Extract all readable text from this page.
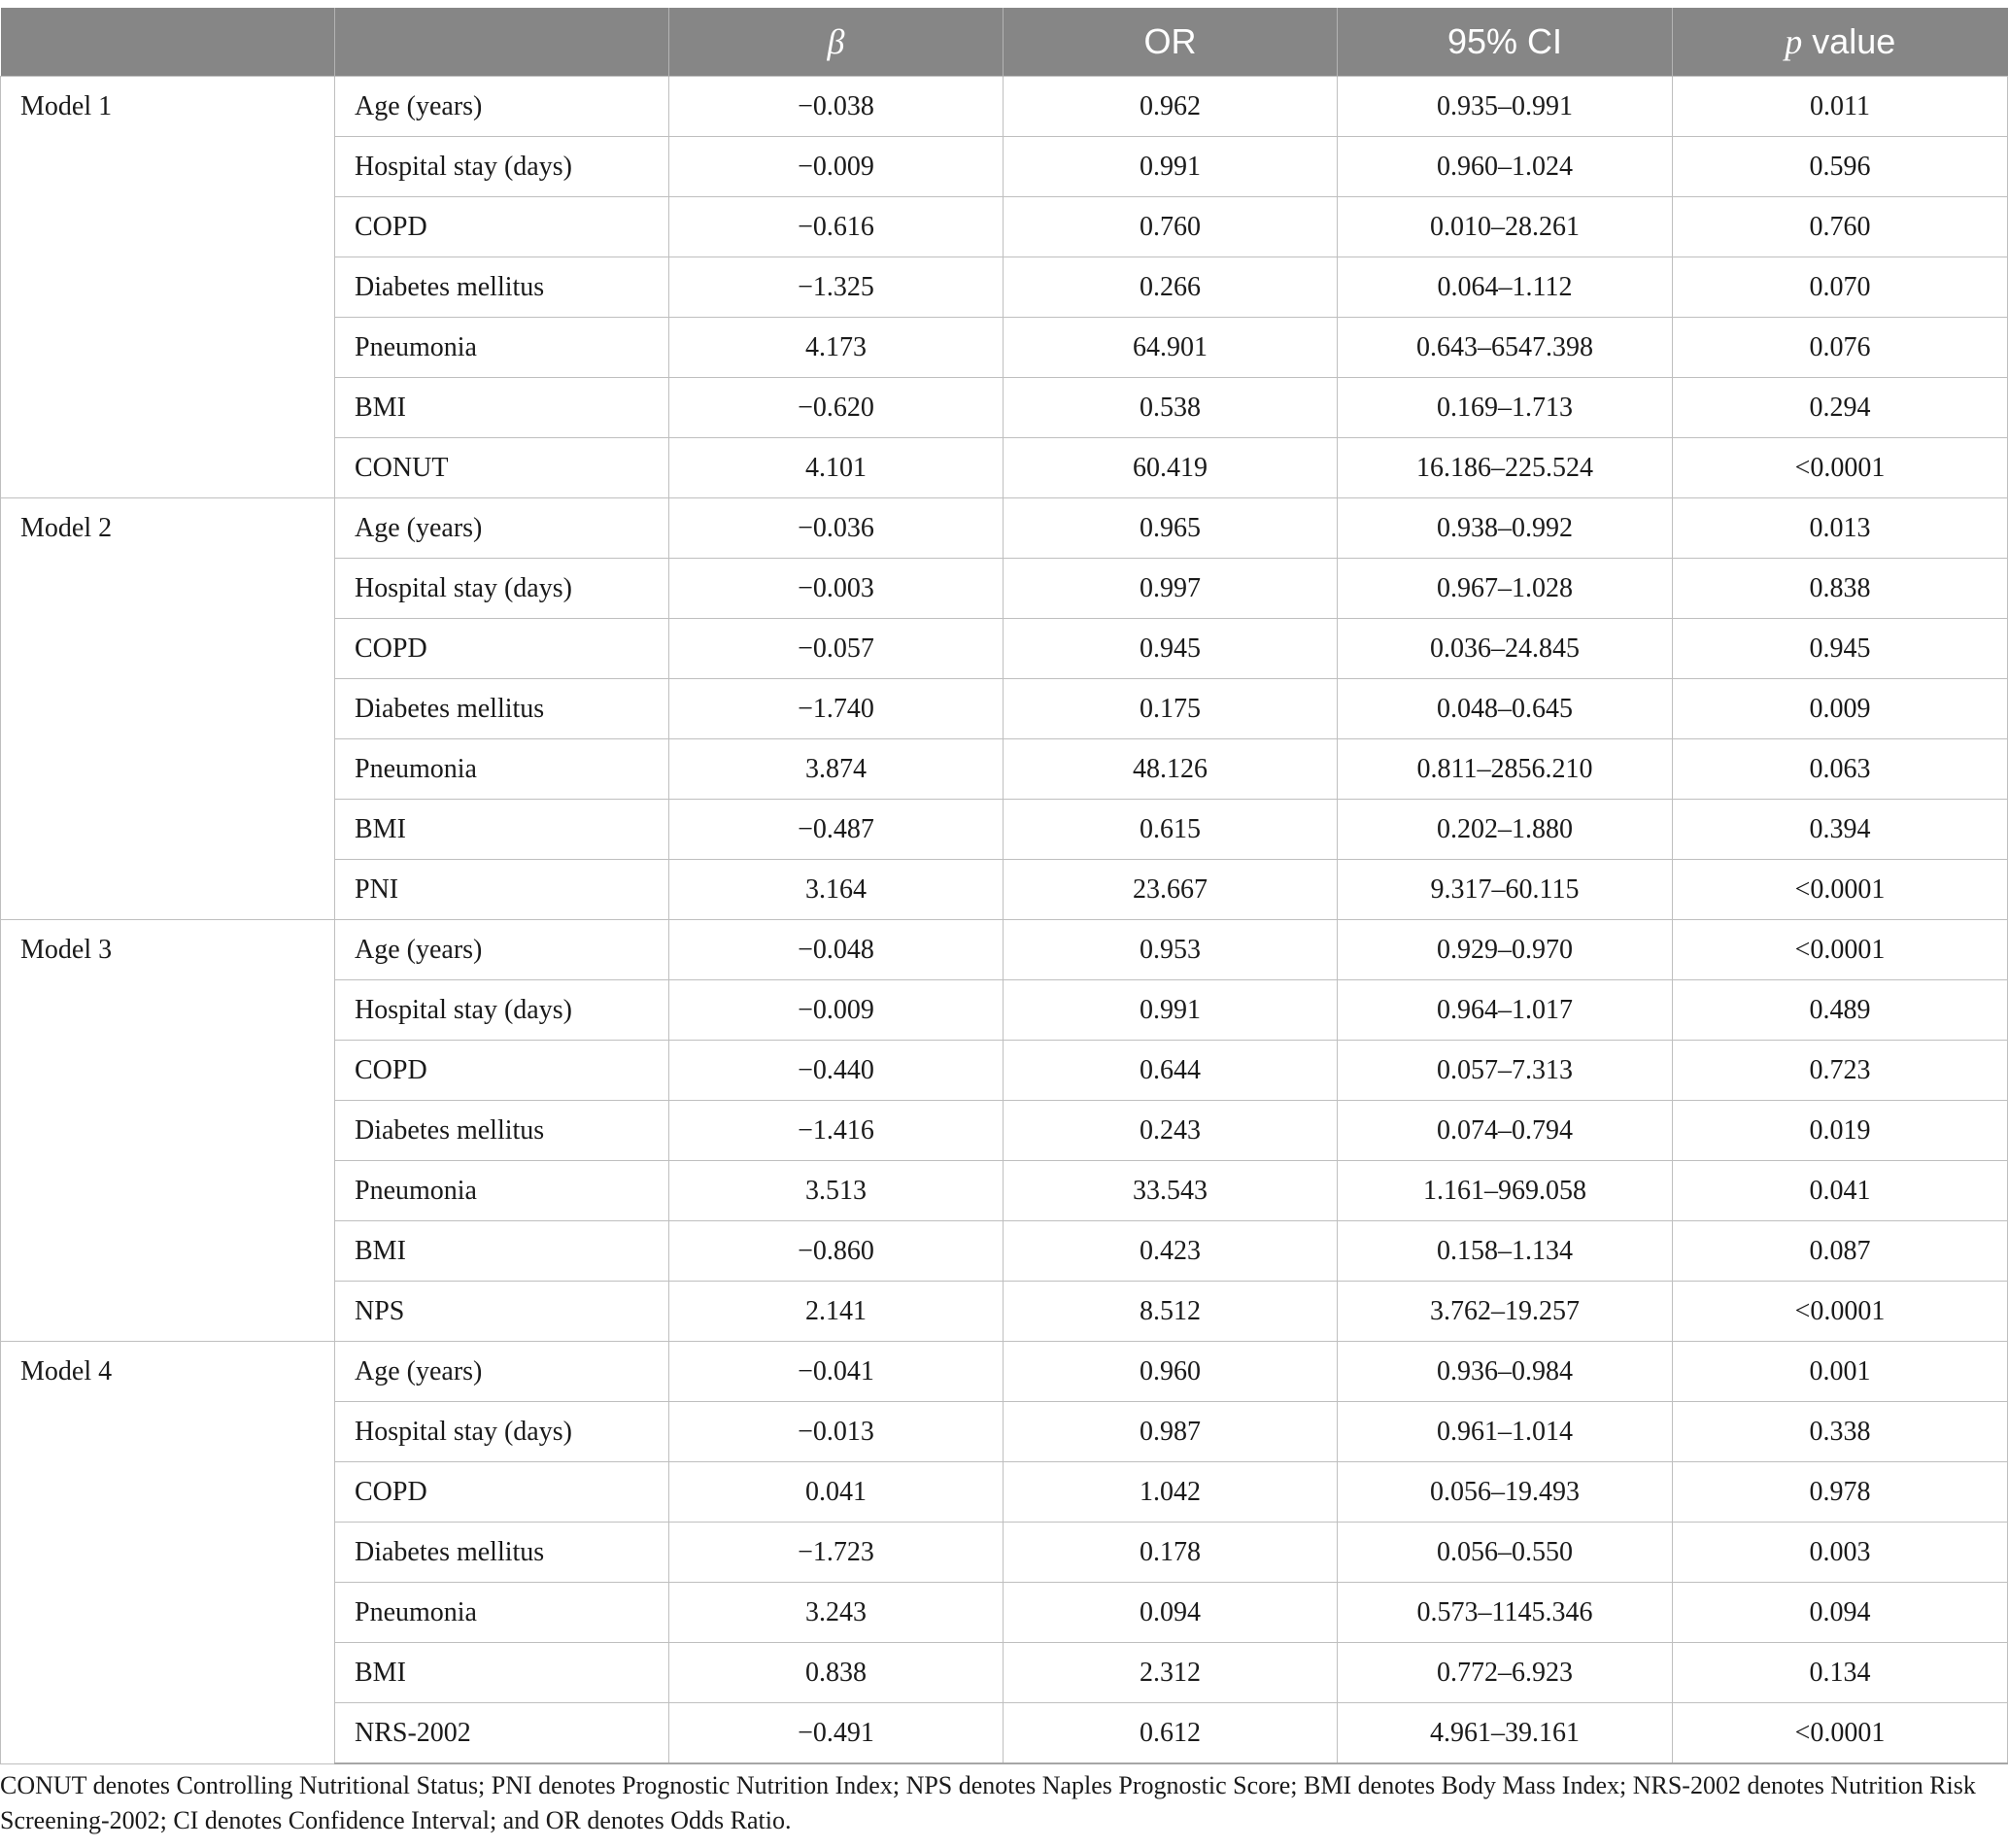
		β	OR	95% CI	p value
Model 1	Age (years)	−0.038	0.962	0.935–0.991	0.011
	Hospital stay (days)	−0.009	0.991	0.960–1.024	0.596
	COPD	−0.616	0.760	0.010–28.261	0.760
	Diabetes mellitus	−1.325	0.266	0.064–1.112	0.070
	Pneumonia	4.173	64.901	0.643–6547.398	0.076
	BMI	−0.620	0.538	0.169–1.713	0.294
	CONUT	4.101	60.419	16.186–225.524	<0.0001
Model 2	Age (years)	−0.036	0.965	0.938–0.992	0.013
	Hospital stay (days)	−0.003	0.997	0.967–1.028	0.838
	COPD	−0.057	0.945	0.036–24.845	0.945
	Diabetes mellitus	−1.740	0.175	0.048–0.645	0.009
	Pneumonia	3.874	48.126	0.811–2856.210	0.063
	BMI	−0.487	0.615	0.202–1.880	0.394
	PNI	3.164	23.667	9.317–60.115	<0.0001
Model 3	Age (years)	−0.048	0.953	0.929–0.970	<0.0001
	Hospital stay (days)	−0.009	0.991	0.964–1.017	0.489
	COPD	−0.440	0.644	0.057–7.313	0.723
	Diabetes mellitus	−1.416	0.243	0.074–0.794	0.019
	Pneumonia	3.513	33.543	1.161–969.058	0.041
	BMI	−0.860	0.423	0.158–1.134	0.087
	NPS	2.141	8.512	3.762–19.257	<0.0001
Model 4	Age (years)	−0.041	0.960	0.936–0.984	0.001
	Hospital stay (days)	−0.013	0.987	0.961–1.014	0.338
	COPD	0.041	1.042	0.056–19.493	0.978
	Diabetes mellitus	−1.723	0.178	0.056–0.550	0.003
	Pneumonia	3.243	0.094	0.573–1145.346	0.094
	BMI	0.838	2.312	0.772–6.923	0.134
	NRS-2002	−0.491	0.612	4.961–39.161	<0.0001
CONUT denotes Controlling Nutritional Status; PNI denotes Prognostic Nutrition Index; NPS denotes Naples Prognostic Score; BMI denotes Body Mass Index; NRS-2002 denotes Nutrition Risk Screening-2002; CI denotes Confidence Interval; and OR denotes Odds Ratio.
